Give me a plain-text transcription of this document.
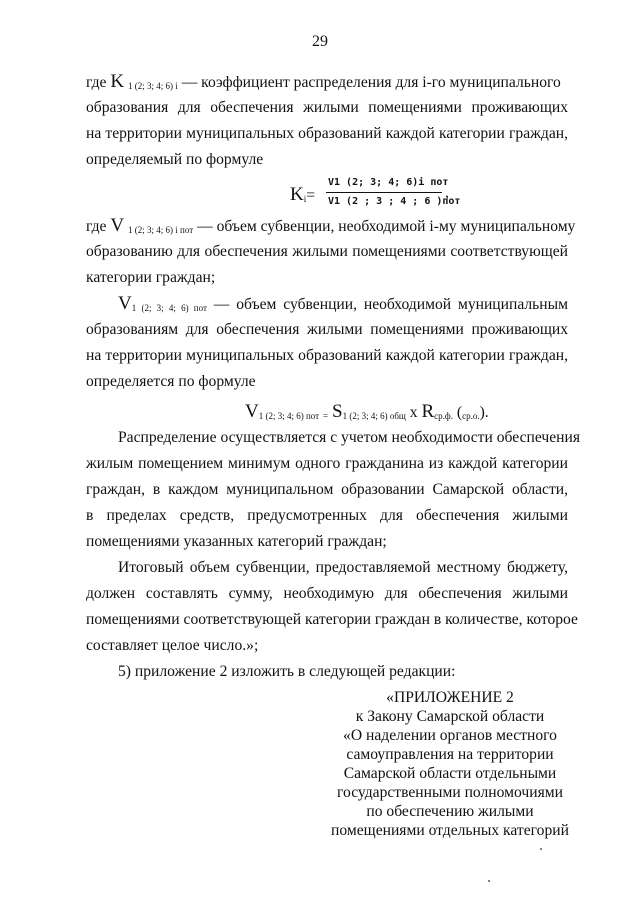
29
где K $_{1 (2; 3; 4; 6) i}$ — коэффициент распределения для i-го муниципального
образования для обеспечения жилыми помещениями проживающих
на территории муниципальных образований каждой категории граждан,
определяемый по формуле
$K_i=$
V1 (2; 3; 4; 6)i пот
V1 (2 ; 3 ; 4 ; 6 )пот
,
где V $_{1 (2; 3; 4; 6) i пот}$ — объем субвенции, необходимой i-му муниципальному
образованию для обеспечения жилыми помещениями соответствующей
категории граждан;
$V_{1 (2; 3; 4; 6) пот}$ — объем субвенции, необходимой муниципальным
образованиям для обеспечения жилыми помещениями проживающих
на территории муниципальных образований каждой категории граждан,
определяется по формуле
$V_{1 (2; 3; 4; 6) пот}$ $_=$ $S_{1 (2; 3; 4; 6) общ}$ x $R_{ср.ф.}$ $(_{ср.о.})$.
Распределение осуществляется с учетом необходимости обеспечения
жилым помещением минимум одного гражданина из каждой категории
граждан, в каждом муниципальном образовании Самарской области,
в пределах средств, предусмотренных для обеспечения жилыми
помещениями указанных категорий граждан;
Итоговый объем субвенции, предоставляемой местному бюджету,
должен составлять сумму, необходимую для обеспечения жилыми
помещениями соответствующей категории граждан в количестве, которое
составляет целое число.»;
5) приложение 2 изложить в следующей редакции:
«ПРИЛОЖЕНИЕ 2
к Закону Самарской области
«О наделении органов местного
самоуправления на территории
Самарской области отдельными
государственными полномочиями
по обеспечению жилыми
помещениями отдельных категорий
